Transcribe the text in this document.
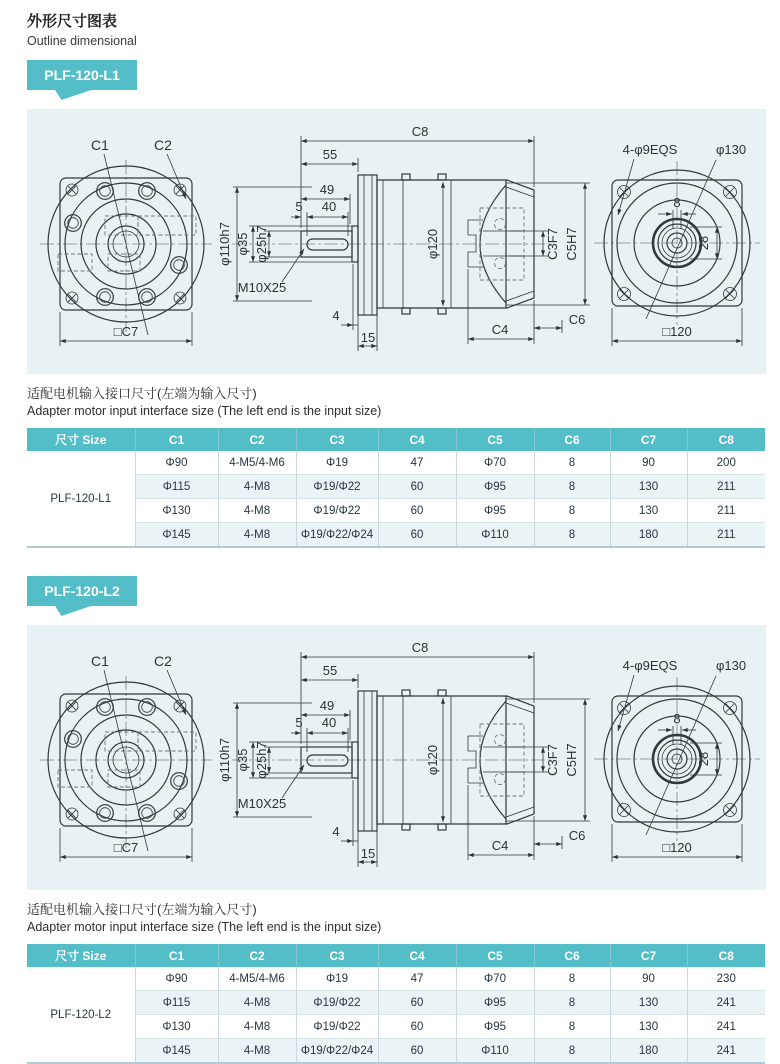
外形尺寸图表
Outline dimensional
PLF-120-L1
适配电机输入接口尺寸(左端为输入尺寸)
Adapter motor input interface size (The left end is the input size)
尺寸 Size	C1	C2	C3	C4	C5	C6	C7	C8
PLF-120-L1	Φ90	4-M5/4-M6	Φ19	47	Φ70	8	90	200
	Φ115	4-M8	Φ19/Φ22	60	Φ95	8	130	211
	Φ130	4-M8	Φ19/Φ22	60	Φ95	8	130	211
	Φ145	4-M8	Φ19/Φ22/Φ24	60	Φ110	8	180	211
PLF-120-L2
适配电机输入接口尺寸(左端为输入尺寸)
Adapter motor input interface size (The left end is the input size)
尺寸 Size	C1	C2	C3	C4	C5	C6	C7	C8
PLF-120-L2	Φ90	4-M5/4-M6	Φ19	47	Φ70	8	90	230
	Φ115	4-M8	Φ19/Φ22	60	Φ95	8	130	241
	Φ130	4-M8	Φ19/Φ22	60	Φ95	8	130	241
	Φ145	4-M8	Φ19/Φ22/Φ24	60	Φ110	8	180	241
